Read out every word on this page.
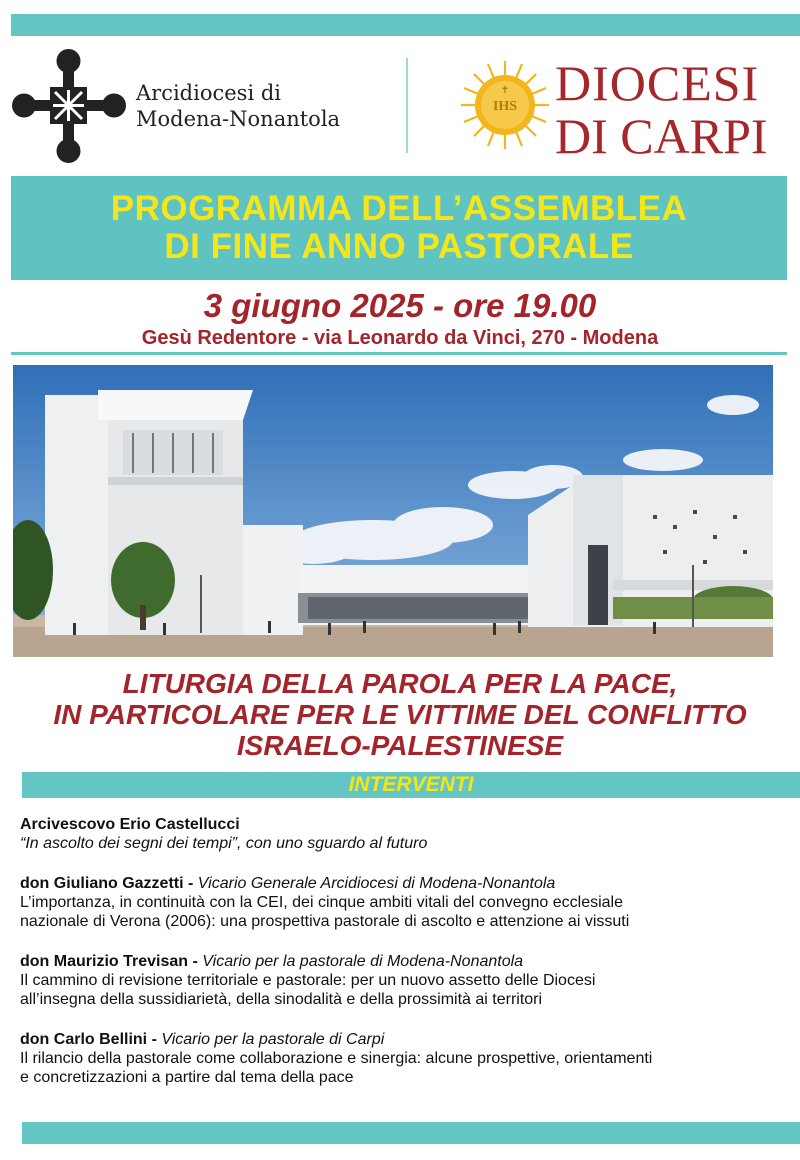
Arcidiocesi di
Modena-Nonantola
IHS
✝ DIOCESI
DI CARPI
PROGRAMMA DELL’ASSEMBLEA
DI FINE ANNO PASTORALE
3 giugno 2025 - ore 19.00
Gesù Redentore - via Leonardo da Vinci, 270 - Modena
LITURGIA DELLA PAROLA PER LA PACE,
IN PARTICOLARE PER LE VITTIME DEL CONFLITTO
ISRAELO-PALESTINESE
INTERVENTI
Arcivescovo Erio Castellucci
“In ascolto dei segni dei tempi”, con uno sguardo al futuro
don Giuliano Gazzetti - Vicario Generale Arcidiocesi di Modena-Nonantola
L’importanza, in continuità con la CEI, dei cinque ambiti vitali del convegno ecclesiale
nazionale di Verona (2006): una prospettiva pastorale di ascolto e attenzione ai vissuti
don Maurizio Trevisan - Vicario per la pastorale di Modena-Nonantola
Il cammino di revisione territoriale e pastorale: per un nuovo assetto delle Diocesi
all’insegna della sussidiarietà, della sinodalità e della prossimità ai territori
don Carlo Bellini - Vicario per la pastorale di Carpi
Il rilancio della pastorale come collaborazione e sinergia: alcune prospettive, orientamenti
e concretizzazioni a partire dal tema della pace
